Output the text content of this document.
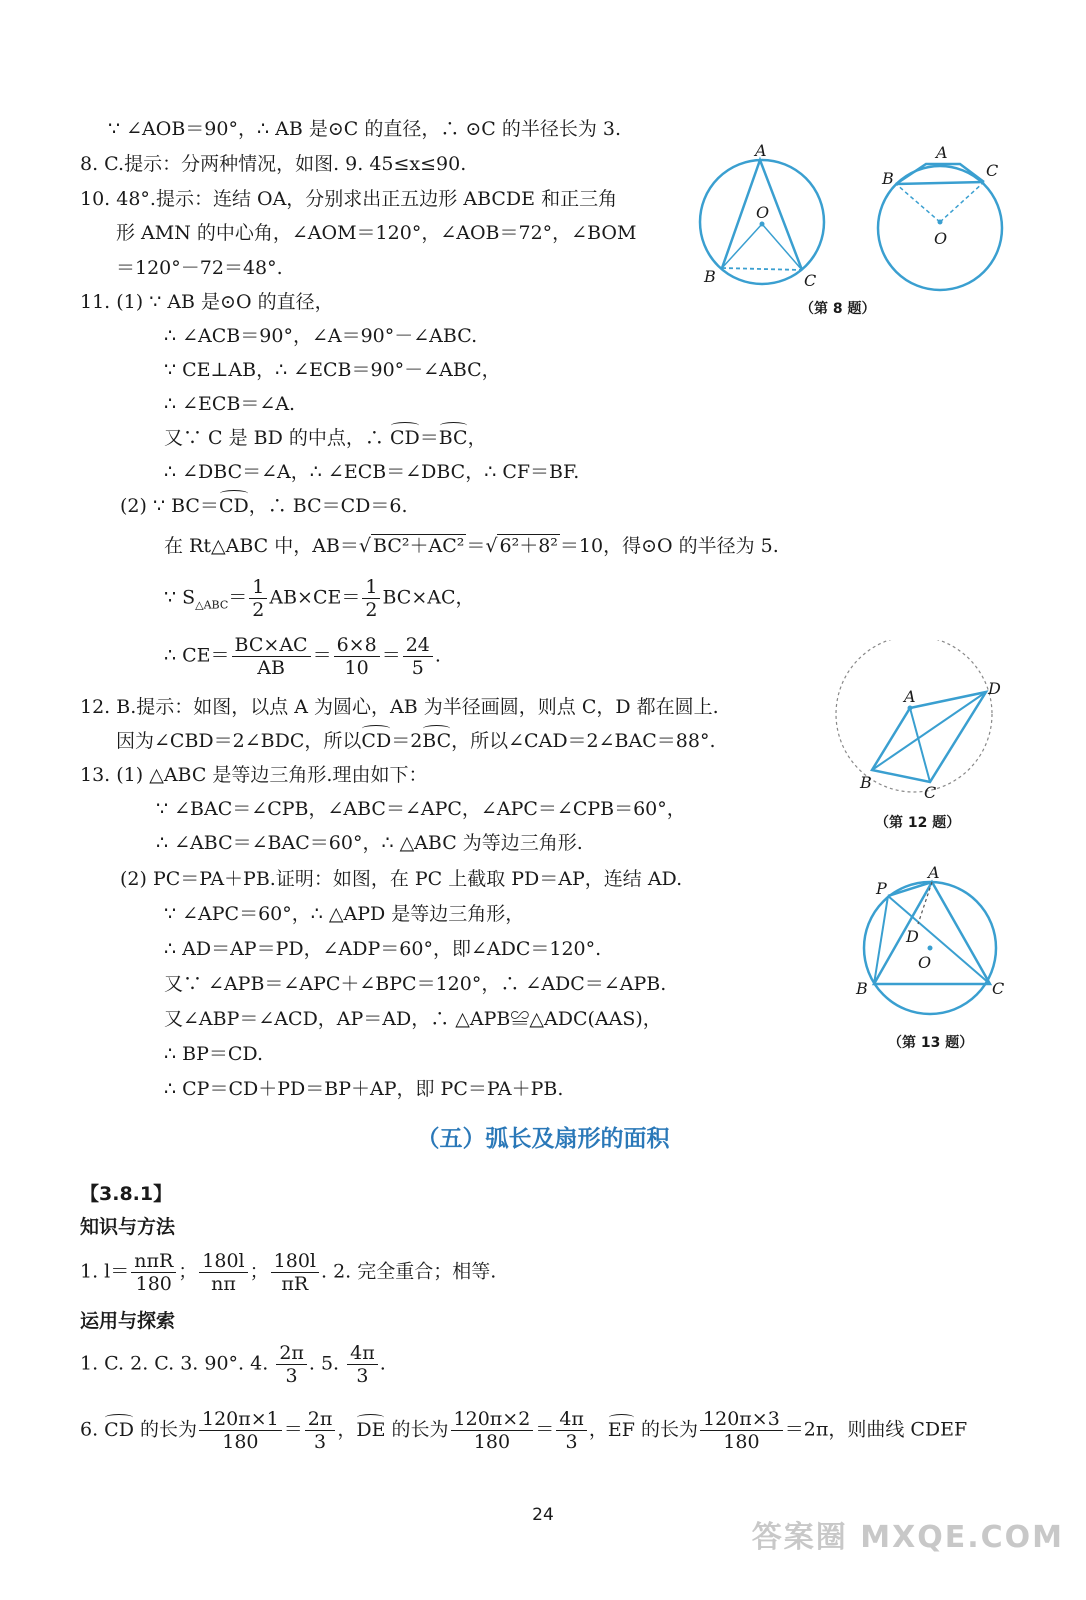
∵ ∠AOB＝90°，∴ AB 是⊙C 的直径，∴ ⊙C 的半径长为 3.
8. C.提示：分两种情况，如图. 9. 45≤x≤90.
10. 48°.提示：连结 OA，分别求出正五边形 ABCDE 和正三角
形 AMN 的中心角，∠AOM＝120°，∠AOB＝72°，∠BOM
＝120°－72＝48°.
11. (1) ∵ AB 是⊙O 的直径，
∴ ∠ACB＝90°，∠A＝90°－∠ABC.
∵ CE⊥AB，∴ ∠ECB＝90°－∠ABC，
∴ ∠ECB＝∠A.
又∵ C 是 BD 的中点，∴ CD＝BC，
∴ ∠DBC＝∠A，∴ ∠ECB＝∠DBC，∴ CF＝BF.
(2) ∵ BC＝CD，∴ BC＝CD＝6.
在 Rt△ABC 中，AB＝√ BC²＋AC² ＝√ 6²＋8² ＝10，得⊙O 的半径为 5.
∵ $S_{\triangle ABC}= \frac{1}{2} AB\times CE= \frac{1}{2} BC\times AC$，
∴ $CE= \frac{BC\times AC}{AB} = \frac{6\times 8}{10} = \frac{24}{5}$ .
12. B.提示：如图，以点 A 为圆心，AB 为半径画圆，则点 C，D 都在圆上.
因为∠CBD＝2∠BDC，所以CD＝2BC，所以∠CAD＝2∠BAC＝88°.
13. (1) △ABC 是等边三角形.理由如下：
∵ ∠BAC＝∠CPB，∠ABC＝∠APC，∠APC＝∠CPB＝60°，
∴ ∠ABC＝∠BAC＝60°，∴ △ABC 为等边三角形.
(2) PC＝PA＋PB.证明：如图，在 PC 上截取 PD＝AP，连结 AD.
∵ ∠APC＝60°，∴ △APD 是等边三角形，
∴ AD＝AP＝PD，∠ADP＝60°，即∠ADC＝120°.
又∵ ∠APB＝∠APC＋∠BPC＝120°，∴ ∠ADC＝∠APB.
又∠ABP＝∠ACD，AP＝AD，∴ △APB≌△ADC(AAS)，
∴ BP＝CD.
∴ CP＝CD＋PD＝BP＋AP，即 PC＝PA＋PB.
（五）弧长及扇形的面积
【3.8.1】
知识与方法
1. $l= \frac{\text{nπR}}{180}$ ； $\frac{180l}{n\pi}$ ； $\frac{180l}{\pi R}$ . 2. 完全重合；相等.
运用与探索
1. C. 2. C. 3. 90°. 4. $\frac{2\pi}{3}$ . 5. $\frac{4\pi}{3}$ .
6. CD 的长为 $\frac{120\pi\times 1}{180} = \frac{2\pi}{3}$ ，DE 的长为 $\frac{120\pi\times 2}{180} = \frac{4\pi}{3}$ ，EF 的长为 $\frac{120\pi\times 3}{180} =2\pi$，则曲线 CDEF
A
O
B	C
A
B	C
O
（第 8 题）
A	D
B
C
（第 12 题）
P
A
D
O
B	C
（第 13 题）
24
答案圈 MXQE.COM
